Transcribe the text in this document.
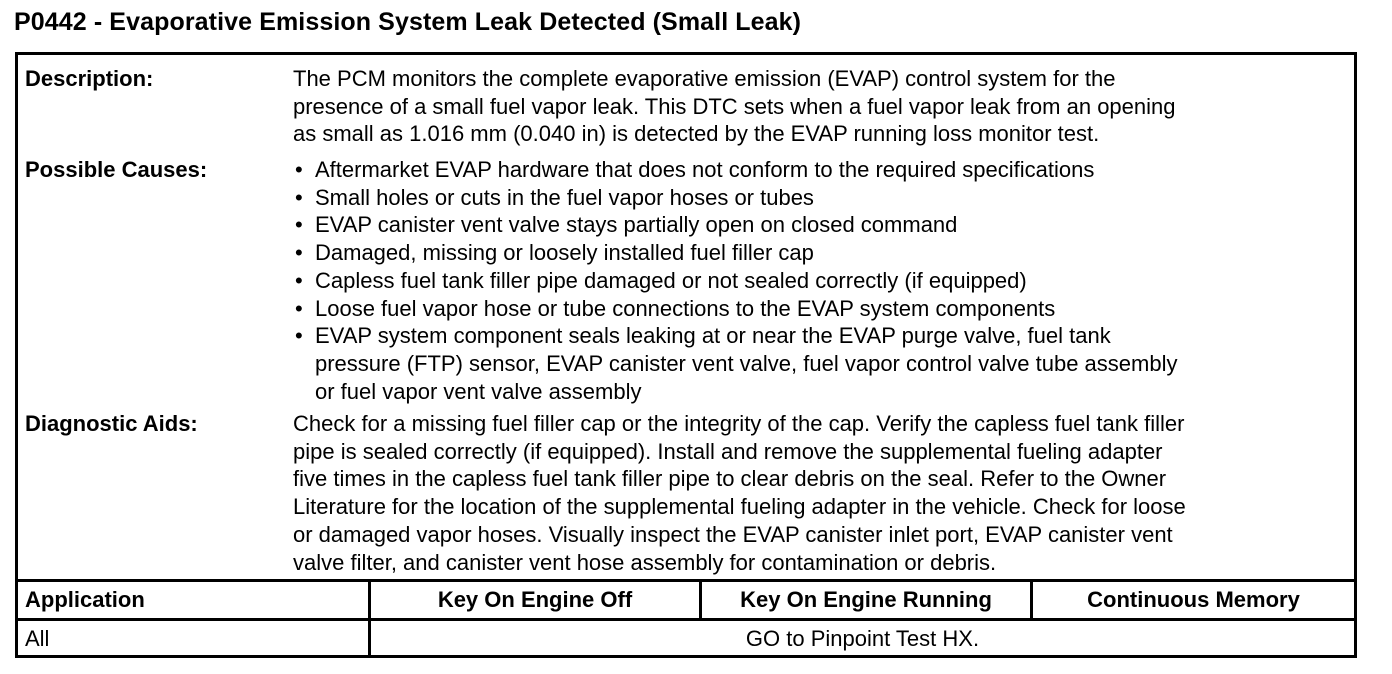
P0442 - Evaporative Emission System Leak Detected (Small Leak)
Description:	The PCM monitors the complete evaporative emission (EVAP) control system for the
presence of a small fuel vapor leak. This DTC sets when a fuel vapor leak from an opening
as small as 1.016 mm (0.040 in) is detected by the EVAP running loss monitor test.
Possible Causes:	• Aftermarket EVAP hardware that does not conform to the required specifications
• Small holes or cuts in the fuel vapor hoses or tubes
• EVAP canister vent valve stays partially open on closed command
• Damaged, missing or loosely installed fuel filler cap
• Capless fuel tank filler pipe damaged or not sealed correctly (if equipped)
• Loose fuel vapor hose or tube connections to the EVAP system components
• EVAP system component seals leaking at or near the EVAP purge valve, fuel tank
pressure (FTP) sensor, EVAP canister vent valve, fuel vapor control valve tube assembly
or fuel vapor vent valve assembly
Diagnostic Aids:	Check for a missing fuel filler cap or the integrity of the cap. Verify the capless fuel tank filler
pipe is sealed correctly (if equipped). Install and remove the supplemental fueling adapter
five times in the capless fuel tank filler pipe to clear debris on the seal. Refer to the Owner
Literature for the location of the supplemental fueling adapter in the vehicle. Check for loose
or damaged vapor hoses. Visually inspect the EVAP canister inlet port, EVAP canister vent
valve filter, and canister vent hose assembly for contamination or debris.
Application	Key On Engine Off	Key On Engine Running	Continuous Memory
All	GO to Pinpoint Test HX.
